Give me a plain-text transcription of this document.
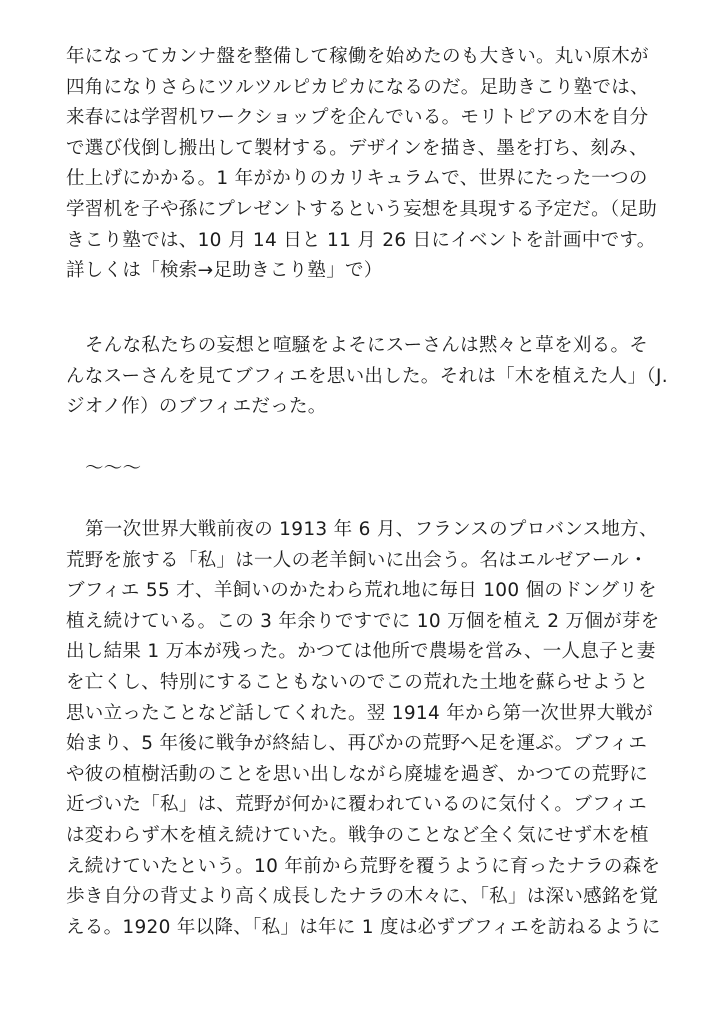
年になってカンナ盤を整備して稼働を始めたのも大きい。丸い原木が
四角になりさらにツルツルピカピカになるのだ。足助きこり塾では、
来春には学習机ワークショップを企んでいる。モリトピアの木を自分
で選び伐倒し搬出して製材する。デザインを描き、墨を打ち、刻み、
仕上げにかかる。1 年がかりのカリキュラムで、世界にたった一つの
学習机を子や孫にプレゼントするという妄想を具現する予定だ。（足助
きこり塾では、10 月 14 日と 11 月 26 日にイベントを計画中です。
詳しくは「検索→足助きこり塾」で）
そんな私たちの妄想と喧騒をよそにスーさんは黙々と草を刈る。そ
んなスーさんを見てブフィエを思い出した。それは「木を植えた人」（J.
ジオノ作）のブフィエだった。
〜〜〜
第一次世界大戦前夜の 1913 年 6 月、フランスのプロバンス地方、
荒野を旅する「私」は一人の老羊飼いに出会う。名はエルゼアール・
ブフィエ 55 才、羊飼いのかたわら荒れ地に毎日 100 個のドングリを
植え続けている。この 3 年余りですでに 10 万個を植え 2 万個が芽を
出し結果 1 万本が残った。かつては他所で農場を営み、一人息子と妻
を亡くし、特別にすることもないのでこの荒れた土地を蘇らせようと
思い立ったことなど話してくれた。翌 1914 年から第一次世界大戦が
始まり、5 年後に戦争が終結し、再びかの荒野へ足を運ぶ。ブフィエ
や彼の植樹活動のことを思い出しながら廃墟を過ぎ、かつての荒野に
近づいた「私」は、荒野が何かに覆われているのに気付く。ブフィエ
は変わらず木を植え続けていた。戦争のことなど全く気にせず木を植
え続けていたという。10 年前から荒野を覆うように育ったナラの森を
歩き自分の背丈より高く成長したナラの木々に、「私」は深い感銘を覚
える。1920 年以降、「私」は年に 1 度は必ずブフィエを訪ねるように
